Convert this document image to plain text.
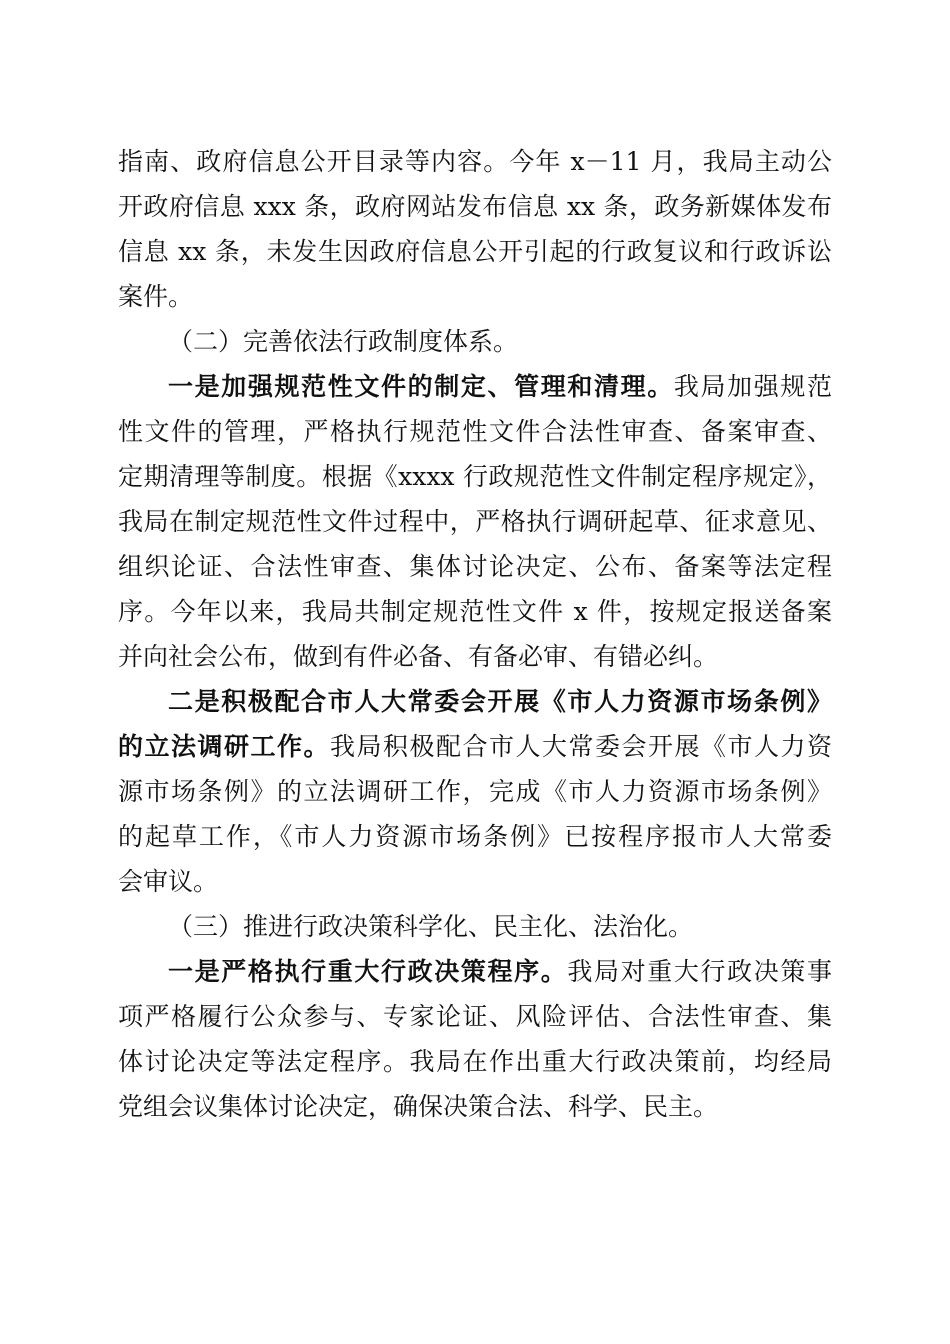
指南、政府信息公开目录等内容。今年 x－11 月，我局主动公
开政府信息 xxx 条，政府网站发布信息 xx 条，政务新媒体发布
信息 xx 条，未发生因政府信息公开引起的行政复议和行政诉讼
案件。
（二）完善依法行政制度体系。
一是加强规范性文件的制定、管理和清理。我局加强规范
性文件的管理，严格执行规范性文件合法性审查、备案审查、
定期清理等制度。根据《xxxx 行政规范性文件制定程序规定》，
我局在制定规范性文件过程中，严格执行调研起草、征求意见、
组织论证、合法性审查、集体讨论决定、公布、备案等法定程
序。今年以来，我局共制定规范性文件 x 件，按规定报送备案
并向社会公布，做到有件必备、有备必审、有错必纠。
二是积极配合市人大常委会开展《市人力资源市场条例》
的立法调研工作。我局积极配合市人大常委会开展《市人力资
源市场条例》的立法调研工作，完成《市人力资源市场条例》
的起草工作，《市人力资源市场条例》已按程序报市人大常委
会审议。
（三）推进行政决策科学化、民主化、法治化。
一是严格执行重大行政决策程序。我局对重大行政决策事
项严格履行公众参与、专家论证、风险评估、合法性审查、集
体讨论决定等法定程序。我局在作出重大行政决策前，均经局
党组会议集体讨论决定，确保决策合法、科学、民主。
